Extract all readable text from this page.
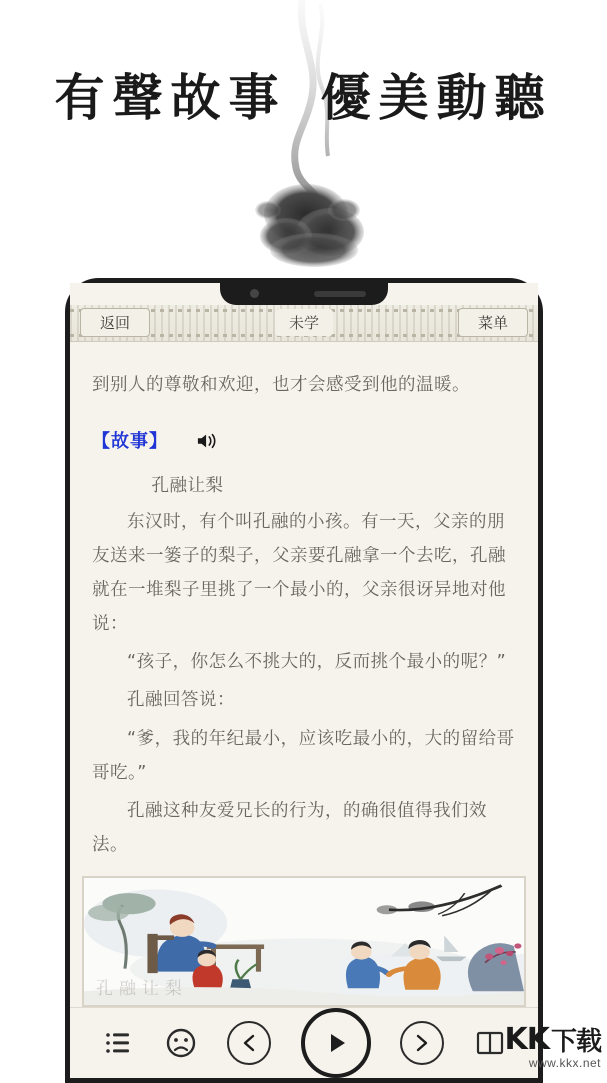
有聲故事 優美動聽
返回	未学	菜单

到别人的尊敬和欢迎，也才会感受到他的温暖。

【故事】

孔融让梨

东汉时，有个叫孔融的小孩。有一天，父亲的朋友送来一篓子的梨子，父亲要孔融拿一个去吃，孔融就在一堆梨子里挑了一个最小的，父亲很讶异地对他说：

“孩子，你怎么不挑大的，反而挑个最小的呢？”

孔融回答说：

“爹，我的年纪最小，应该吃最小的，大的留给哥哥吃。”

孔融这种友爱兄长的行为，的确很值得我们效法。

孔融让梨
KK 下载
www.kkx.net
